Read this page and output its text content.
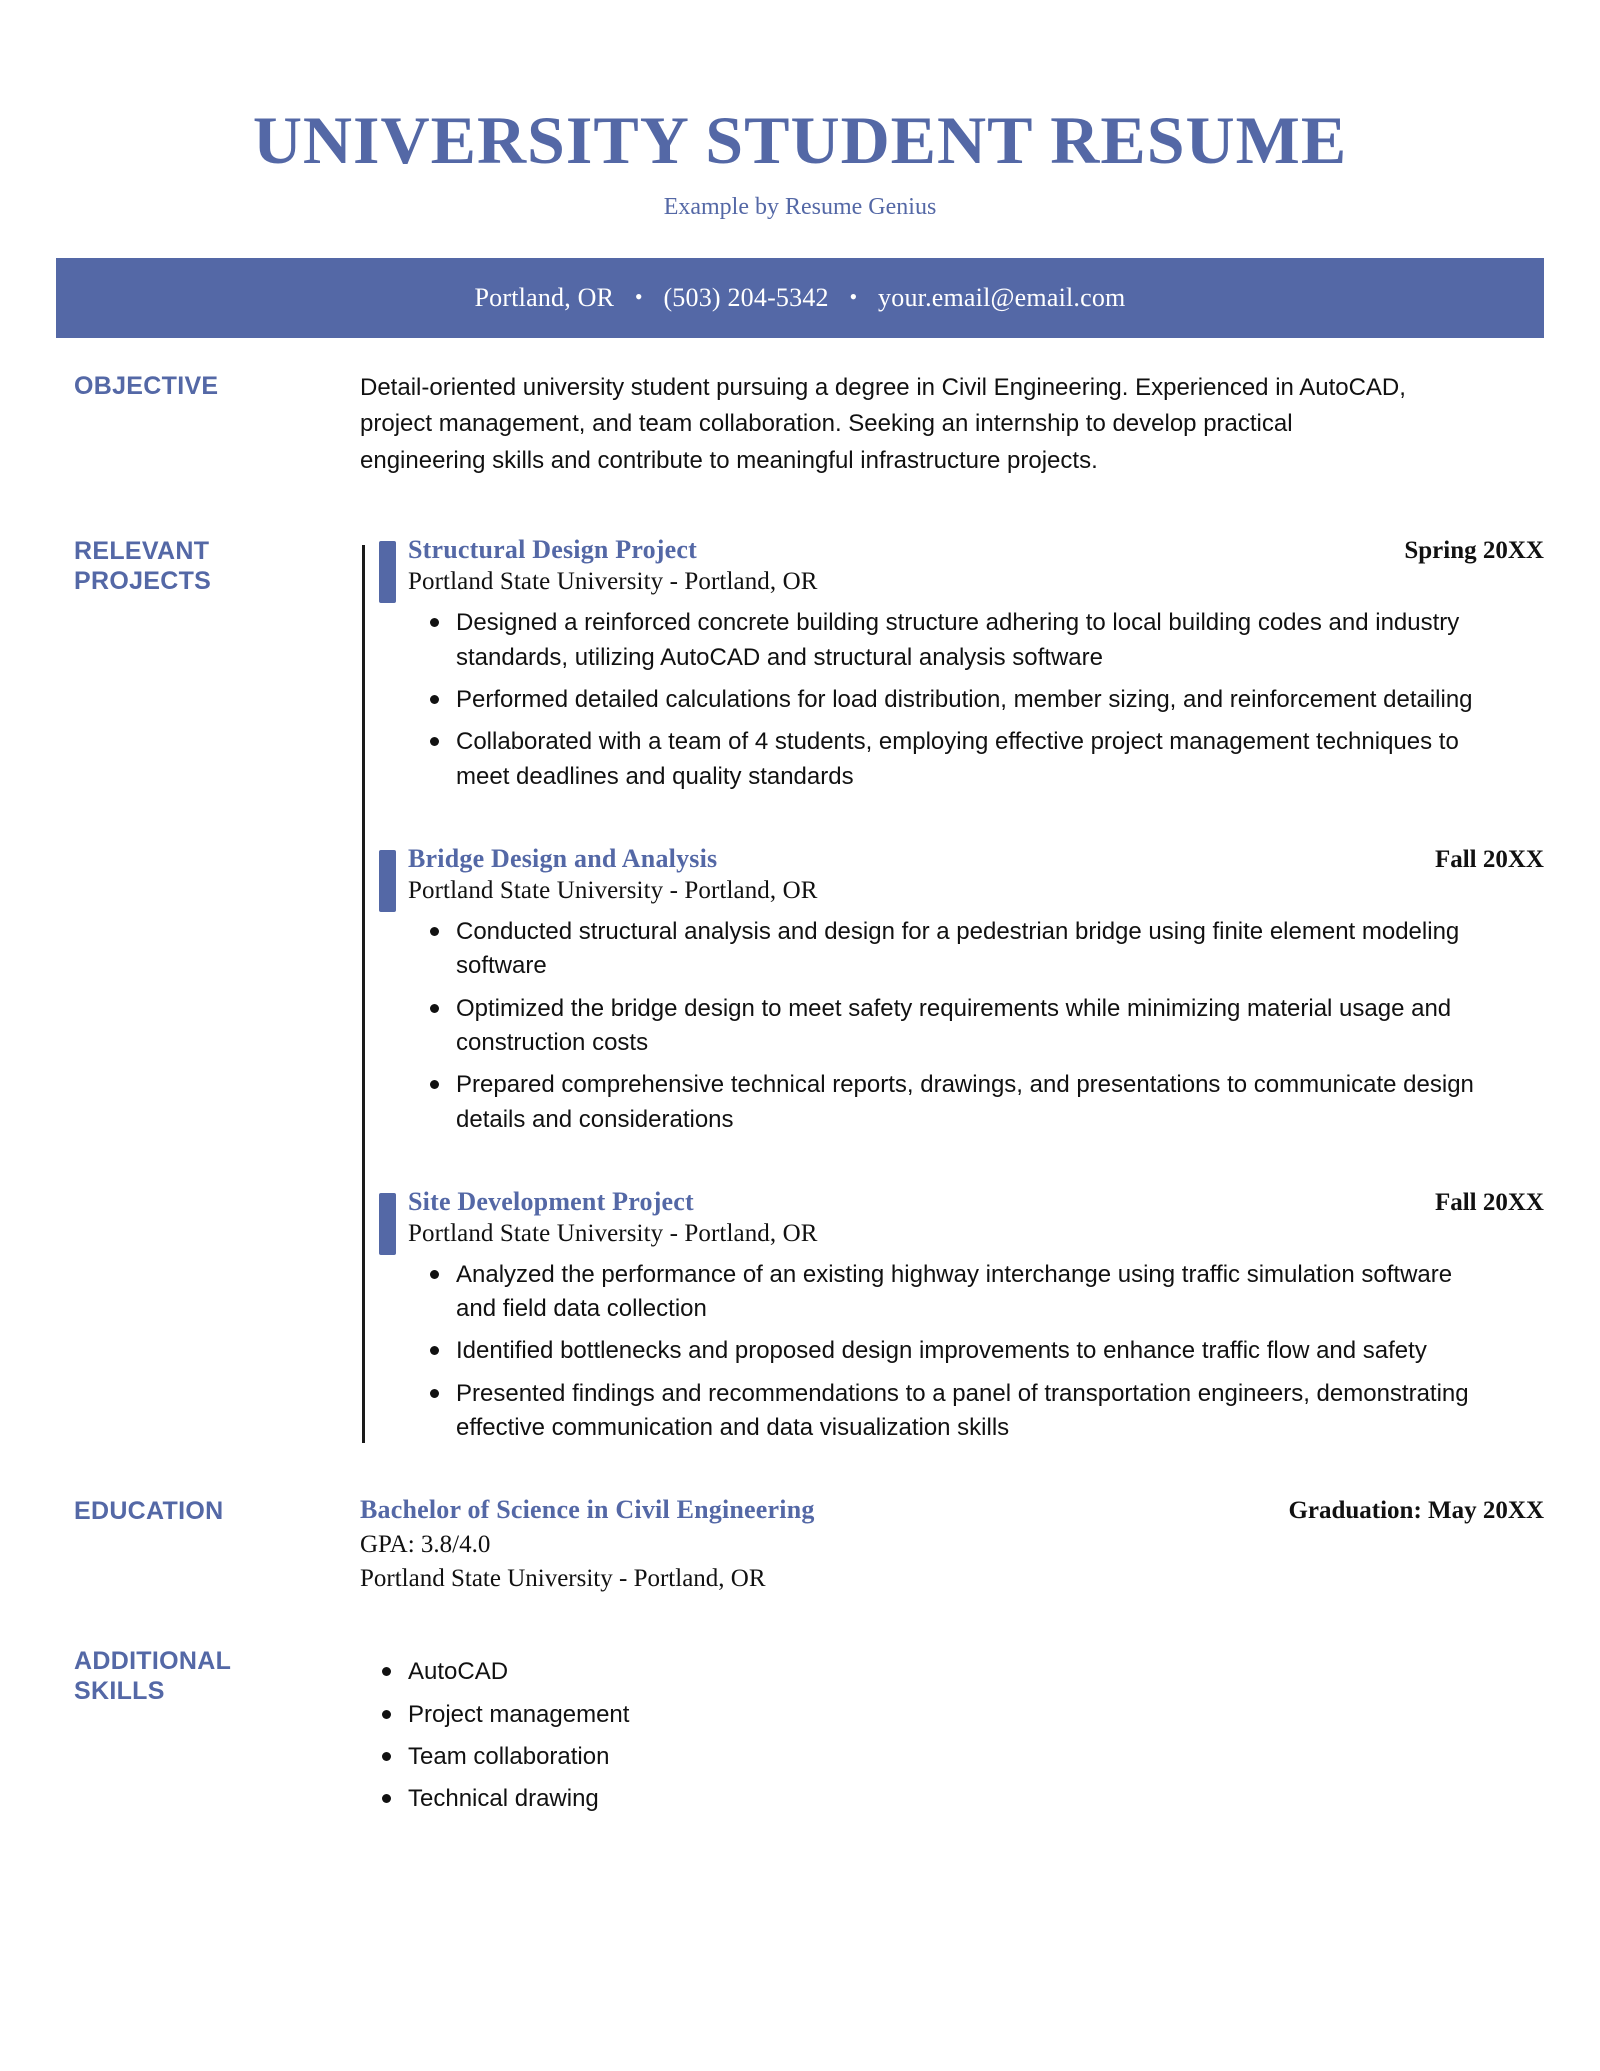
UNIVERSITY STUDENT RESUME
Example by Resume Genius
Portland, OR • (503) 204-5342 • your.email@email.com
OBJECTIVE	Detail-oriented university student pursuing a degree in Civil Engineering. Experienced in AutoCAD, project management, and team collaboration. Seeking an internship to develop practical engineering skills and contribute to meaningful infrastructure projects.

RELEVANT
PROJECTS
Structural Design Project	Spring 20XX
Portland State University - Portland, OR
Designed a reinforced concrete building structure adhering to local building codes and industry standards, utilizing AutoCAD and structural analysis software
Performed detailed calculations for load distribution, member sizing, and reinforcement detailing
Collaborated with a team of 4 students, employing effective project management techniques to meet deadlines and quality standards
Bridge Design and Analysis	Fall 20XX
Portland State University - Portland, OR
Conducted structural analysis and design for a pedestrian bridge using finite element modeling software
Optimized the bridge design to meet safety requirements while minimizing material usage and construction costs
Prepared comprehensive technical reports, drawings, and presentations to communicate design details and considerations
Site Development Project	Fall 20XX
Portland State University - Portland, OR
Analyzed the performance of an existing highway interchange using traffic simulation software and field data collection
Identified bottlenecks and proposed design improvements to enhance traffic flow and safety
Presented findings and recommendations to a panel of transportation engineers, demonstrating effective communication and data visualization skills
EDUCATION	Bachelor of Science in Civil Engineering	Graduation: May 20XX
GPA: 3.8/4.0
Portland State University - Portland, OR
ADDITIONAL
SKILLS
AutoCAD
Project management
Team collaboration
Technical drawing
